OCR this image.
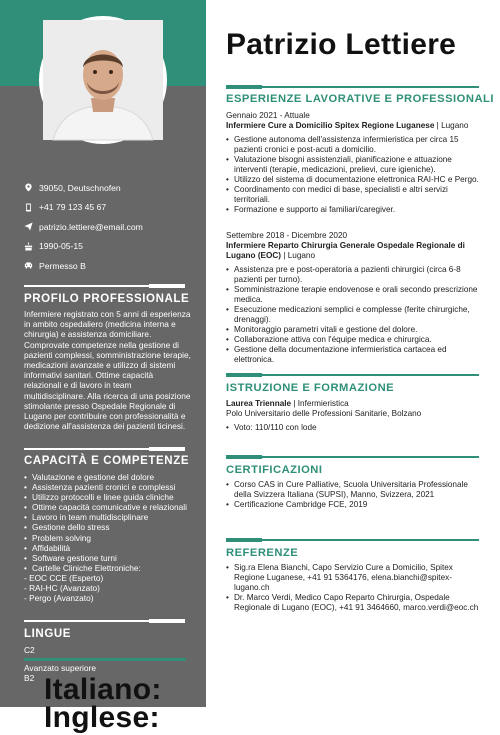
39050, Deutschnofen
+41 79 123 45 67
patrizio.lettiere@email.com
1990-05-15
Permesso B
PROFILO PROFESSIONALE
Infermiere registrato con 5 anni di esperienza in ambito ospedaliero (medicina interna e chirurgia) e assistenza domiciliare. Comprovate competenze nella gestione di pazienti complessi, somministrazione terapie, medicazioni avanzate e utilizzo di sistemi informativi sanitari. Ottime capacità relazionali e di lavoro in team multidisciplinare. Alla ricerca di una posizione stimolante presso Ospedale Regionale di Lugano per contribuire con professionalità e dedizione all'assistenza dei pazienti ticinesi.
CAPACITÀ E COMPETENZE
• Valutazione e gestione del dolore
• Assistenza pazienti cronici e complessi
• Utilizzo protocolli e linee guida cliniche
• Ottime capacità comunicative e relazionali
• Lavoro in team multidisciplinare
• Gestione dello stress
• Problem solving
• Affidabilità
• Software gestione turni
• Cartelle Cliniche Elettroniche:
- EOC CCE (Esperto)
- RAI-HC (Avanzato)
- Pergo (Avanzato)
LINGUE
Italiano:
C2
Avanzato superiore
Inglese:
B2
Patrizio Lettiere
ESPERIENZE LAVORATIVE E PROFESSIONALI
Gennaio 2021 - Attuale
Infermiere Cure a Domicilio Spitex Regione Luganese | Lugano
• Gestione autonoma dell'assistenza infermieristica per circa 15 pazienti cronici e post-acuti a domicilio.
• Valutazione bisogni assistenziali, pianificazione e attuazione interventi (terapie, medicazioni, prelievi, cure igieniche).
• Utilizzo del sistema di documentazione elettronica RAI-HC e Pergo.
• Coordinamento con medici di base, specialisti e altri servizi territoriali.
• Formazione e supporto ai familiari/caregiver.
Settembre 2018 - Dicembre 2020
Infermiere Reparto Chirurgia Generale Ospedale Regionale di Lugano (EOC) | Lugano
• Assistenza pre e post-operatoria a pazienti chirurgici (circa 6-8 pazienti per turno).
• Somministrazione terapie endovenose e orali secondo prescrizione medica.
• Esecuzione medicazioni semplici e complesse (ferite chirurgiche, drenaggi).
• Monitoraggio parametri vitali e gestione del dolore.
• Collaborazione attiva con l'équipe medica e chirurgica.
• Gestione della documentazione infermieristica cartacea ed elettronica.
ISTRUZIONE E FORMAZIONE
Laurea Triennale | Infermieristica
Polo Universitario delle Professioni Sanitarie, Bolzano
• Voto: 110/110 con lode
CERTIFICAZIONI
• Corso CAS in Cure Palliative, Scuola Universitaria Professionale della Svizzera Italiana (SUPSI), Manno, Svizzera, 2021
• Certificazione Cambridge FCE, 2019
REFERENZE
• Sig.ra Elena Bianchi, Capo Servizio Cure a Domicilio, Spitex Regione Luganese, +41 91 5364176, elena.bianchi@spitex-lugano.ch
• Dr. Marco Verdi, Medico Capo Reparto Chirurgia, Ospedale Regionale di Lugano (EOC), +41 91 3464660, marco.verdi@eoc.ch
